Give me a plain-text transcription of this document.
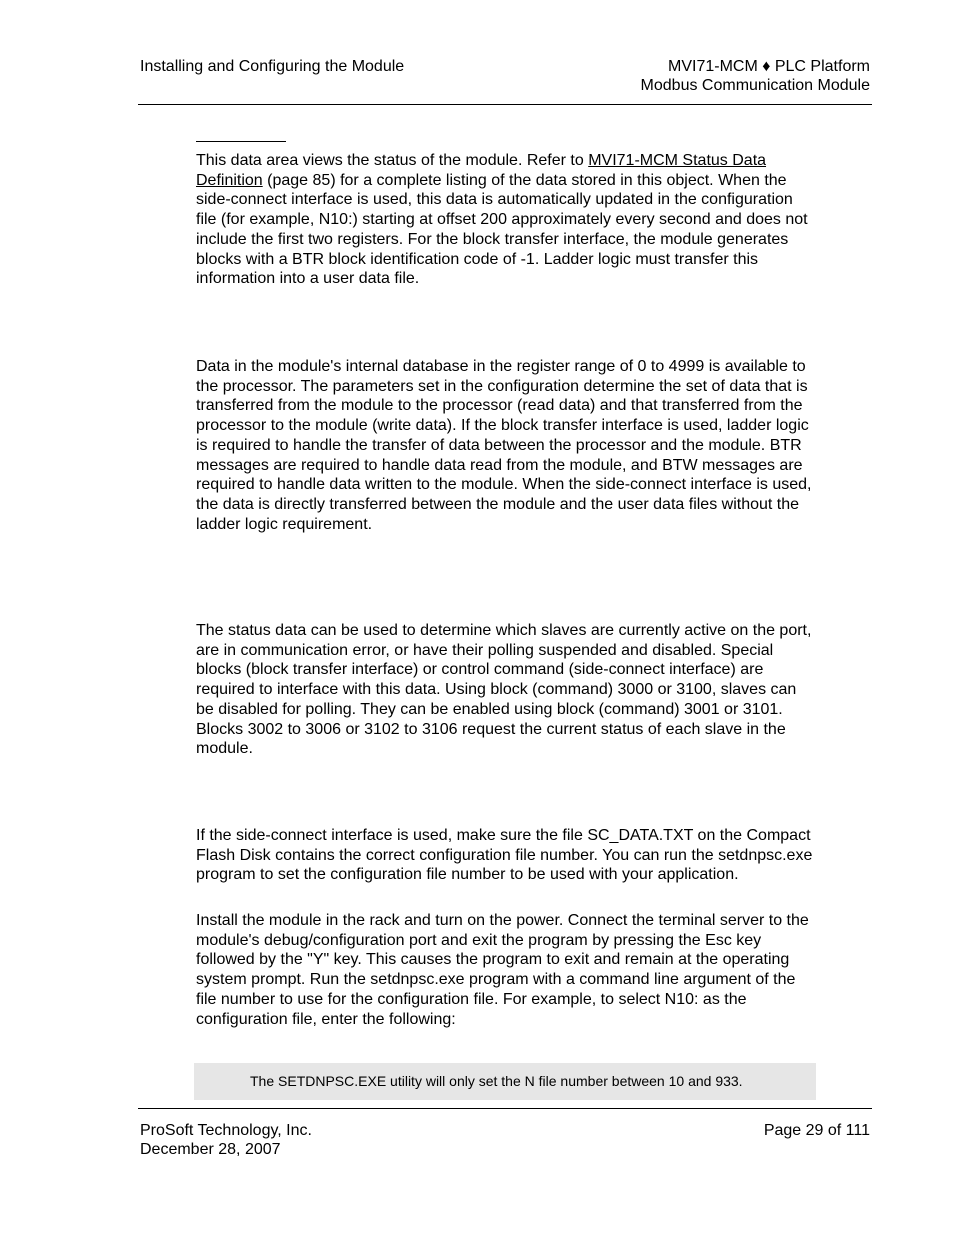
Installing and Configuring the Module	MVI71-MCM ♦ PLC Platform
Modbus Communication Module

This data area views the status of the module. Refer to MVI71-MCM Status Data Definition (page 85) for a complete listing of the data stored in this object. When the side-connect interface is used, this data is automatically updated in the configuration file (for example, N10:) starting at offset 200 approximately every second and does not include the first two registers. For the block transfer interface, the module generates blocks with a BTR block identification code of -1. Ladder logic must transfer this information into a user data file.

Data in the module's internal database in the register range of 0 to 4999 is available to the processor. The parameters set in the configuration determine the set of data that is transferred from the module to the processor (read data) and that transferred from the processor to the module (write data). If the block transfer interface is used, ladder logic is required to handle the transfer of data between the processor and the module. BTR messages are required to handle data read from the module, and BTW messages are required to handle data written to the module. When the side-connect interface is used, the data is directly transferred between the module and the user data files without the ladder logic requirement.

The status data can be used to determine which slaves are currently active on the port, are in communication error, or have their polling suspended and disabled. Special blocks (block transfer interface) or control command (side-connect interface) are required to interface with this data. Using block (command) 3000 or 3100, slaves can be disabled for polling. They can be enabled using block (command) 3001 or 3101. Blocks 3002 to 3006 or 3102 to 3106 request the current status of each slave in the module.

If the side-connect interface is used, make sure the file SC_DATA.TXT on the Compact Flash Disk contains the correct configuration file number. You can run the setdnpsc.exe program to set the configuration file number to be used with your application.

Install the module in the rack and turn on the power. Connect the terminal server to the module's debug/configuration port and exit the program by pressing the Esc key followed by the "Y" key. This causes the program to exit and remain at the operating system prompt. Run the setdnpsc.exe program with a command line argument of the file number to use for the configuration file. For example, to select N10: as the configuration file, enter the following:

The SETDNPSC.EXE utility will only set the N file number between 10 and 933.
ProSoft Technology, Inc.
December 28, 2007
Page 29 of 111
